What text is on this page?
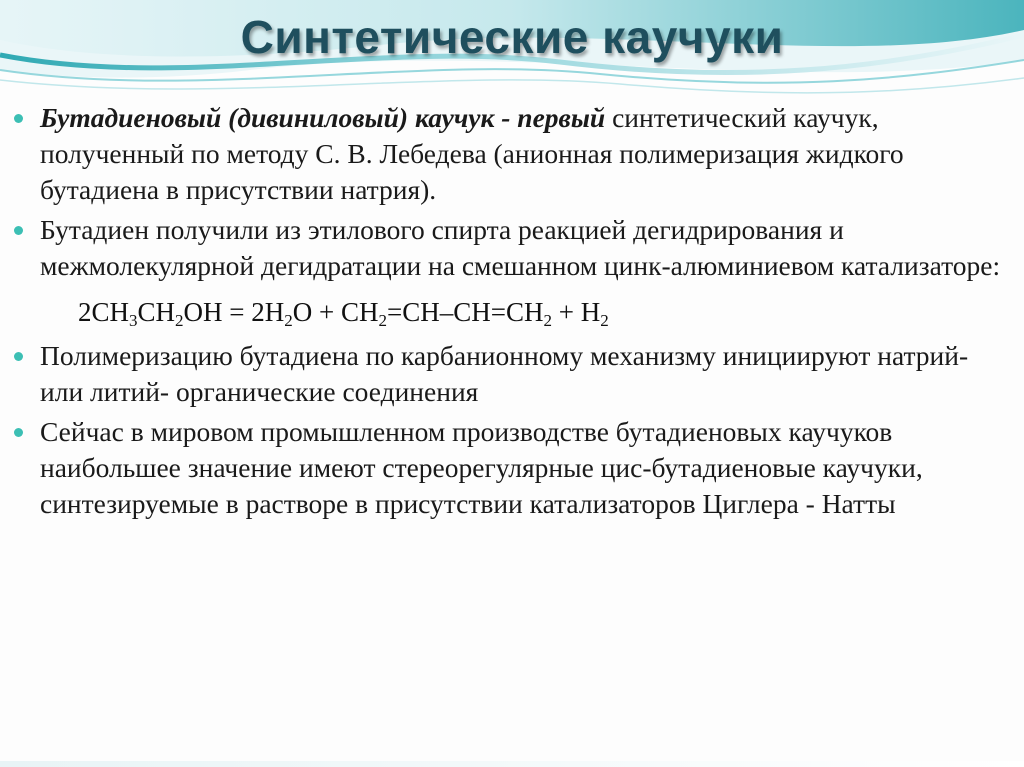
Синтетические каучуки
Бутадиеновый (дивиниловый) каучук - первый синтетический каучук, полученный по методу С. В. Лебедева (анионная полимеризация жидкого бутадиена в присутствии натрия).
Бутадиен получили из этилового спирта реакцией дегидрирования и межмолекулярной дегидратации на смешанном цинк-алюминиевом катализаторе:
$2CH_3CH_2OH = 2H_2O + CH_2=CH-CH=CH_2 + H_2$
Полимеризацию бутадиена по карбанионному механизму инициируют натрий- или литий- органические соединения
Сейчас в мировом промышленном производстве бутадиеновых каучуков наибольшее значение имеют стереорегулярные цис-бутадиеновые каучуки, синтезируемые в растворе в присутствии катализаторов Циглера - Натты
